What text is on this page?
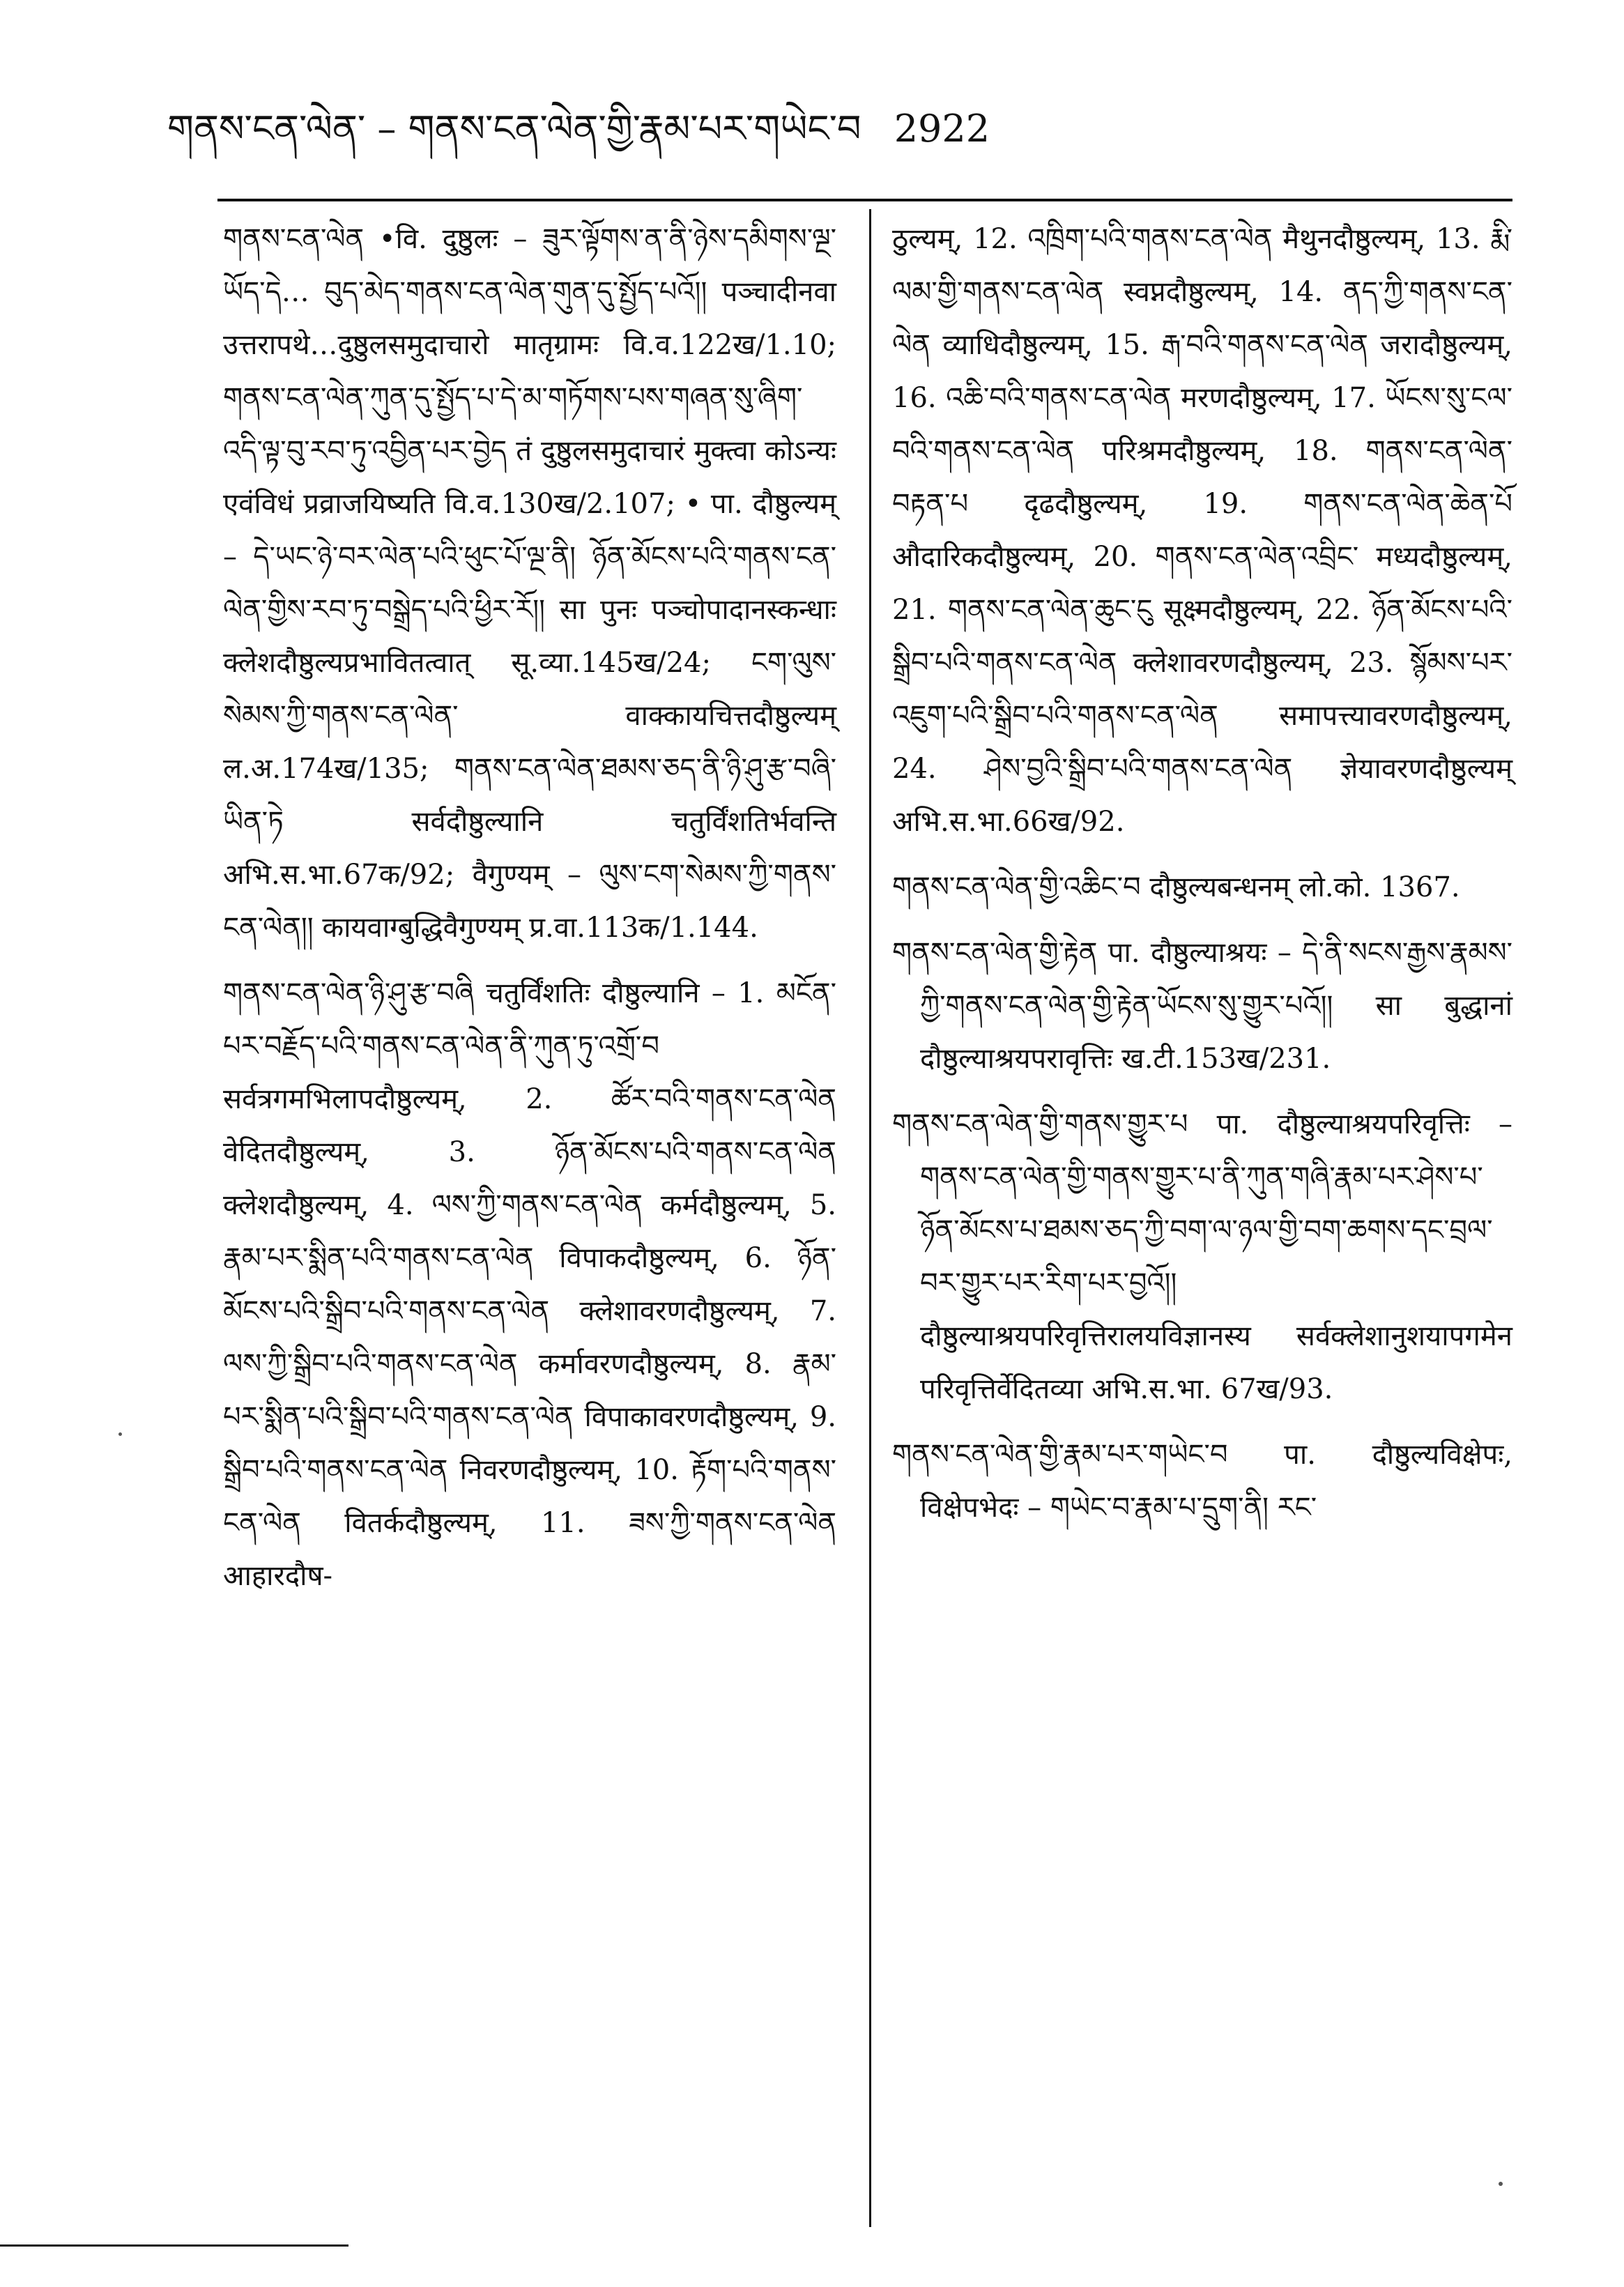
གནས་ངན་ལེན་ – གནས་ངན་ལེན་གྱི་རྣམ་པར་གཡེང་བ 2922

གནས་ངན་ལེན •वि. दुष्ठुलः – ཟུར་ལྟོགས་ན་ནི་ཉེས་དམིགས་ལྔ་ཡོད་དེ… བུད་མེད་གནས་ངན་ལེན་གུན་དུ་སྤྱོད་པའོ།། पञ्चादीनवा उत्तरापथे…दुष्ठुलसमुदाचारो मातृग्रामः वि.व.122ख/1.10; གནས་ངན་ལེན་ཀུན་དུ་སྤྱོད་པ་དེ་མ་གཏོགས་པས་གཞན་སུ་ཞིག་འདི་ལྟ་བུ་རབ་ཏུ་འབྱིན་པར་བྱེད तं दुष्ठुलसमुदाचारं मुक्त्वा कोऽन्यः एवंविधं प्रव्राजयिष्यति वि.व.130ख/2.107; • पा. दौष्ठुल्यम् – དེ་ཡང་ཉེ་བར་ལེན་པའི་ཕུང་པོ་ལྔ་ནི། ཉོན་མོངས་པའི་གནས་ངན་ལེན་གྱིས་རབ་ཏུ་བསྒྲེད་པའི་ཕྱིར་རོ།། सा पुनः पञ्चोपादानस्कन्धाः क्लेशदौष्ठुल्यप्रभावितत्वात् सू.व्या.145ख/24; ངག་ལུས་སེམས་ཀྱི་གནས་ངན་ལེན་ वाक्कायचित्तदौष्ठुल्यम् ल.अ.174ख/135; གནས་ངན་ལེན་ཐམས་ཅད་ནི་ཉི་ཤུ་རྩ་བཞི་ཡིན་ཏེ सर्वदौष्ठुल्यानि चतुर्विंशतिर्भवन्ति अभि.स.भा.67क/92; वैगुण्यम् – ལུས་ངག་སེམས་ཀྱི་གནས་ངན་ལེན།། कायवाग्बुद्धिवैगुण्यम् प्र.वा.113क/1.144.

གནས་ངན་ལེན་ཉི་ཤུ་རྩ་བཞི चतुर्विंशतिः दौष्ठुल्यानि – 1. མངོན་པར་བརྗོད་པའི་གནས་ངན་ལེན་ནི་ཀུན་ཏུ་འགྲོ་བ सर्वत्रगमभिलापदौष्ठुल्यम्, 2. ཚོར་བའི་གནས་ངན་ལེན वेदितदौष्ठुल्यम्, 3. ཉོན་མོངས་པའི་གནས་ངན་ལེན क्लेशदौष्ठुल्यम्, 4. ལས་ཀྱི་གནས་ངན་ལེན कर्मदौष्ठुल्यम्, 5. རྣམ་པར་སྨིན་པའི་གནས་ངན་ལེན विपाकदौष्ठुल्यम्, 6. ཉོན་མོངས་པའི་སྒྲིབ་པའི་གནས་ངན་ལེན क्लेशावरणदौष्ठुल्यम्, 7. ལས་ཀྱི་སྒྲིབ་པའི་གནས་ངན་ལེན कर्मावरणदौष्ठुल्यम्, 8. རྣམ་པར་སྨིན་པའི་སྒྲིབ་པའི་གནས་ངན་ལེན विपाकावरणदौष्ठुल्यम्, 9. སྒྲིབ་པའི་གནས་ངན་ལེན निवरणदौष्ठुल्यम्, 10. རྟོག་པའི་གནས་ངན་ལེན वितर्कदौष्ठुल्यम्, 11. ཟས་ཀྱི་གནས་ངན་ལེན आहारदौष-

ठुल्यम्, 12. འཁྲིག་པའི་གནས་ངན་ལེན मैथुनदौष्ठुल्यम्, 13. རྨི་ལམ་གྱི་གནས་ངན་ལེན स्वप्नदौष्ठुल्यम्, 14. ནད་ཀྱི་གནས་ངན་ལེན व्याधिदौष्ठुल्यम्, 15. རྒ་བའི་གནས་ངན་ལེན जरादौष्ठुल्यम्, 16. འཆི་བའི་གནས་ངན་ལེན मरणदौष्ठुल्यम्, 17. ཡོངས་སུ་ངལ་བའི་གནས་ངན་ལེན परिश्रमदौष्ठुल्यम्, 18. གནས་ངན་ལེན་བརྟན་པ दृढदौष्ठुल्यम्, 19. གནས་ངན་ལེན་ཆེན་པོ औदारिकदौष्ठुल्यम्, 20. གནས་ངན་ལེན་འབྲིང་ मध्यदौष्ठुल्यम्, 21. གནས་ངན་ལེན་ཆུང་ངུ सूक्ष्मदौष्ठुल्यम्, 22. ཉོན་མོངས་པའི་སྒྲིབ་པའི་གནས་ངན་ལེན क्लेशावरणदौष्ठुल्यम्, 23. སྙོམས་པར་འཇུག་པའི་སྒྲིབ་པའི་གནས་ངན་ལེན समापत्त्यावरणदौष्ठुल्यम्, 24. ཤེས་བྱའི་སྒྲིབ་པའི་གནས་ངན་ལེན ज्ञेयावरणदौष्ठुल्यम् अभि.स.भा.66ख/92.

གནས་ངན་ལེན་གྱི་འཆིང་བ दौष्ठुल्यबन्धनम् लो.को. 1367.

གནས་ངན་ལེན་གྱི་རྟེན पा. दौष्ठुल्याश्रयः – དེ་ནི་སངས་རྒྱས་རྣམས་ཀྱི་གནས་ངན་ལེན་གྱི་རྟེན་ཡོངས་སུ་གྱུར་པའོ།། सा बुद्धानां दौष्ठुल्याश्रयपरावृत्तिः ख.टी.153ख/231.

གནས་ངན་ལེན་གྱི་གནས་གྱུར་པ पा. दौष्ठुल्याश्रयपरिवृत्तिः – གནས་ངན་ལེན་གྱི་གནས་གྱུར་པ་ནི་ཀུན་གཞི་རྣམ་པར་ཤེས་པ་ཉོན་མོངས་པ་ཐམས་ཅད་ཀྱི་བག་ལ་ཉལ་གྱི་བག་ཆགས་དང་བྲལ་བར་གྱུར་པར་རིག་པར་བྱའོ།། दौष्ठुल्याश्रयपरिवृत्तिरालयविज्ञानस्य सर्वक्लेशानुशयापगमेन परिवृत्तिर्वेदितव्या अभि.स.भा. 67ख/93.

གནས་ངན་ལེན་གྱི་རྣམ་པར་གཡེང་བ पा. दौष्ठुल्यविक्षेपः, विक्षेपभेदः – གཡེང་བ་རྣམ་པ་དྲུག་ནི། རང་
